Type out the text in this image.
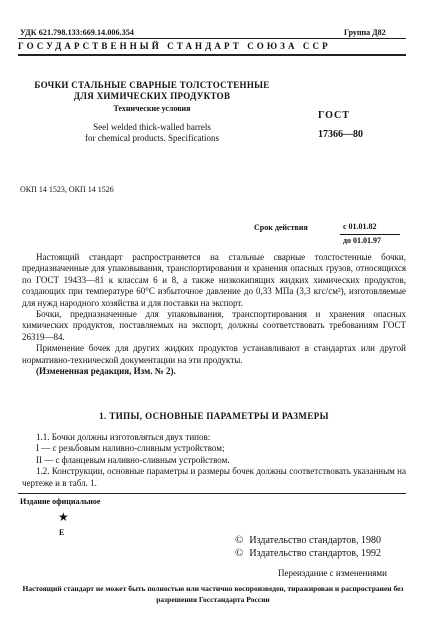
УДК 621.798.133:669.14.006.354	Группа Д82
ГОСУДАРСТВЕННЫЙ СТАНДАРТ СОЮЗА ССР
БОЧКИ СТАЛЬНЫЕ СВАРНЫЕ ТОЛСТОСТЕННЫЕ
ДЛЯ ХИМИЧЕСКИХ ПРОДУКТОВ
Технические условия
Seel welded thick-walled barrels
for chemical products. Specifications
ГОСТ
17366—80
ОКП 14 1523, ОКП 14 1526
Срок действия	с 01.01.82
до 01.01.97

Настоящий стандарт распространяется на стальные сварные толстостенные бочки, предназначенные для упаковывания, транспортирования и хранения опасных грузов, относящихся по ГОСТ 19433—81 к классам 6 и 8, а также низкокипящих жидких химических продуктов, создающих при температуре 60°С избыточное давление до 0,33 МПа (3,3 кгс/см²), изготовляемые для нужд народного хозяйства и для поставки на экспорт.

Бочки, предназначенные для упаковывания, транспортирования и хранения опасных химических продуктов, поставляемых на экспорт, должны соответствовать требованиям ГОСТ 26319—84.

Применение бочек для других жидких продуктов устанавливают в стандартах или другой нормативно-технической документации на эти продукты.

(Измененная редакция, Изм. № 2).

1. ТИПЫ, ОСНОВНЫЕ ПАРАМЕТРЫ И РАЗМЕРЫ

1.1. Бочки должны изготовляться двух типов:

I — с резьбовым наливно-сливным устройством;

II — с фланцевым наливно-сливным устройством.

1.2. Конструкции, основные параметры и размеры бочек должны соответствовать указанным на чертеже и в табл. 1.

Издание официальное
★
Е
© Издательство стандартов, 1980
© Издательство стандартов, 1992
Переиздание с изменениями
Настоящий стандарт не может быть полностью или частично воспроизведен, тиражирован и распространен без разрешения Госстандарта России
